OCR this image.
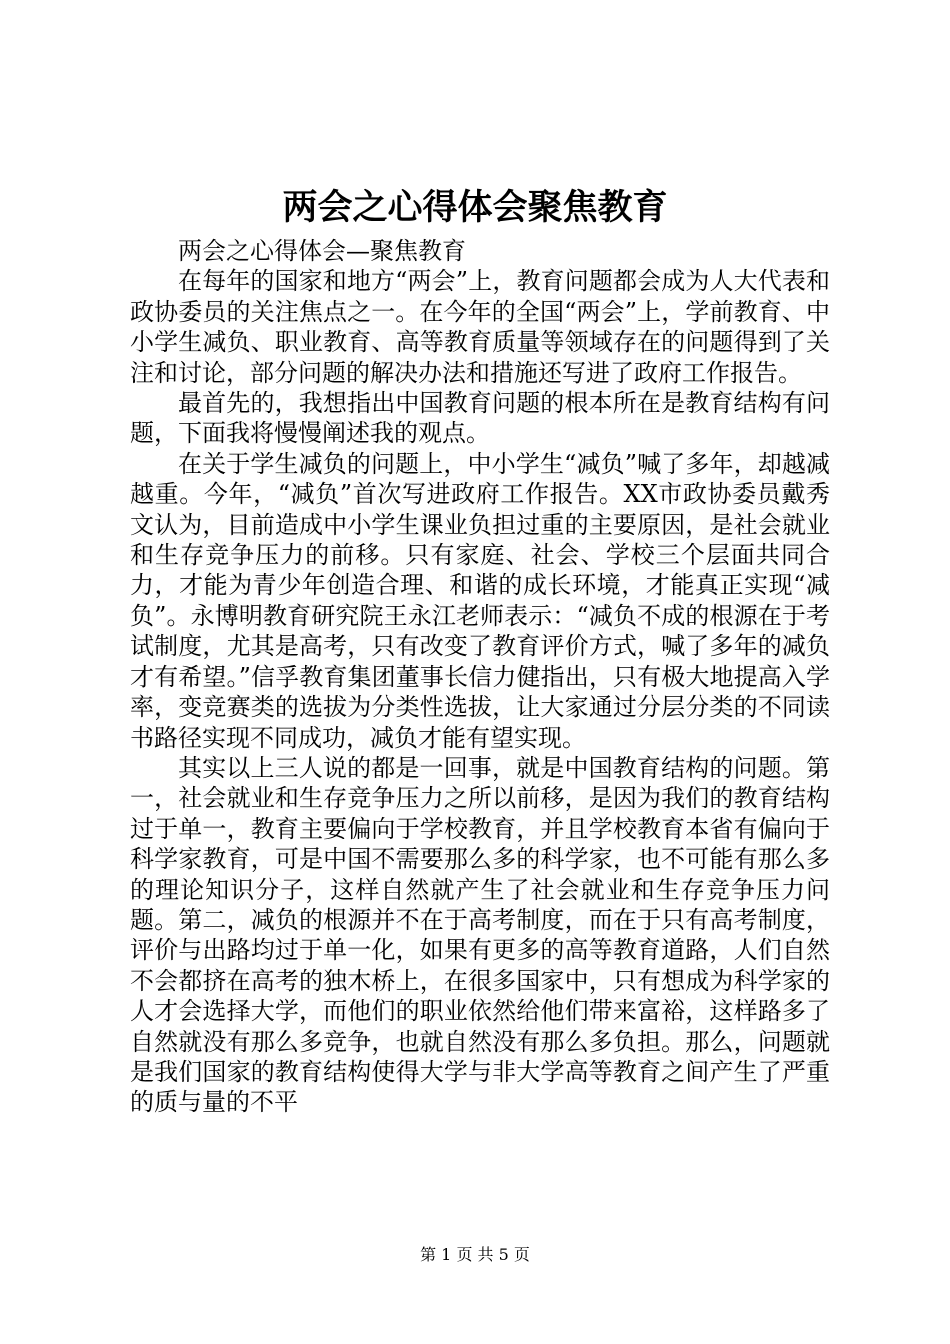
两会之心得体会聚焦教育

两会之心得体会—聚焦教育

在每年的国家和地方“两会”上，教育问题都会成为人大代表和政协委员的关注焦点之一。在今年的全国“两会”上，学前教育、中小学生减负、职业教育、高等教育质量等领域存在的问题得到了关注和讨论，部分问题的解决办法和措施还写进了政府工作报告。

最首先的，我想指出中国教育问题的根本所在是教育结构有问题，下面我将慢慢阐述我的观点。

在关于学生减负的问题上，中小学生“减负”喊了多年，却越减越重。今年，“减负”首次写进政府工作报告。XX市政协委员戴秀文认为，目前造成中小学生课业负担过重的主要原因，是社会就业和生存竞争压力的前移。只有家庭、社会、学校三个层面共同合力，才能为青少年创造合理、和谐的成长环境，才能真正实现“减负”。永博明教育研究院王永江老师表示：“减负不成的根源在于考试制度，尤其是高考，只有改变了教育评价方式，喊了多年的减负才有希望。”信孚教育集团董事长信力健指出，只有极大地提高入学率，变竞赛类的选拔为分类性选拔，让大家通过分层分类的不同读书路径实现不同成功，减负才能有望实现。

其实以上三人说的都是一回事，就是中国教育结构的问题。第一，社会就业和生存竞争压力之所以前移，是因为我们的教育结构过于单一，教育主要偏向于学校教育，并且学校教育本省有偏向于科学家教育，可是中国不需要那么多的科学家，也不可能有那么多的理论知识分子，这样自然就产生了社会就业和生存竞争压力问题。第二，减负的根源并不在于高考制度，而在于只有高考制度，评价与出路均过于单一化，如果有更多的高等教育道路，人们自然不会都挤在高考的独木桥上，在很多国家中，只有想成为科学家的人才会选择大学，而他们的职业依然给他们带来富裕，这样路多了自然就没有那么多竞争，也就自然没有那么多负担。那么，问题就是我们国家的教育结构使得大学与非大学高等教育之间产生了严重的质与量的不平

第 1 页 共 5 页
